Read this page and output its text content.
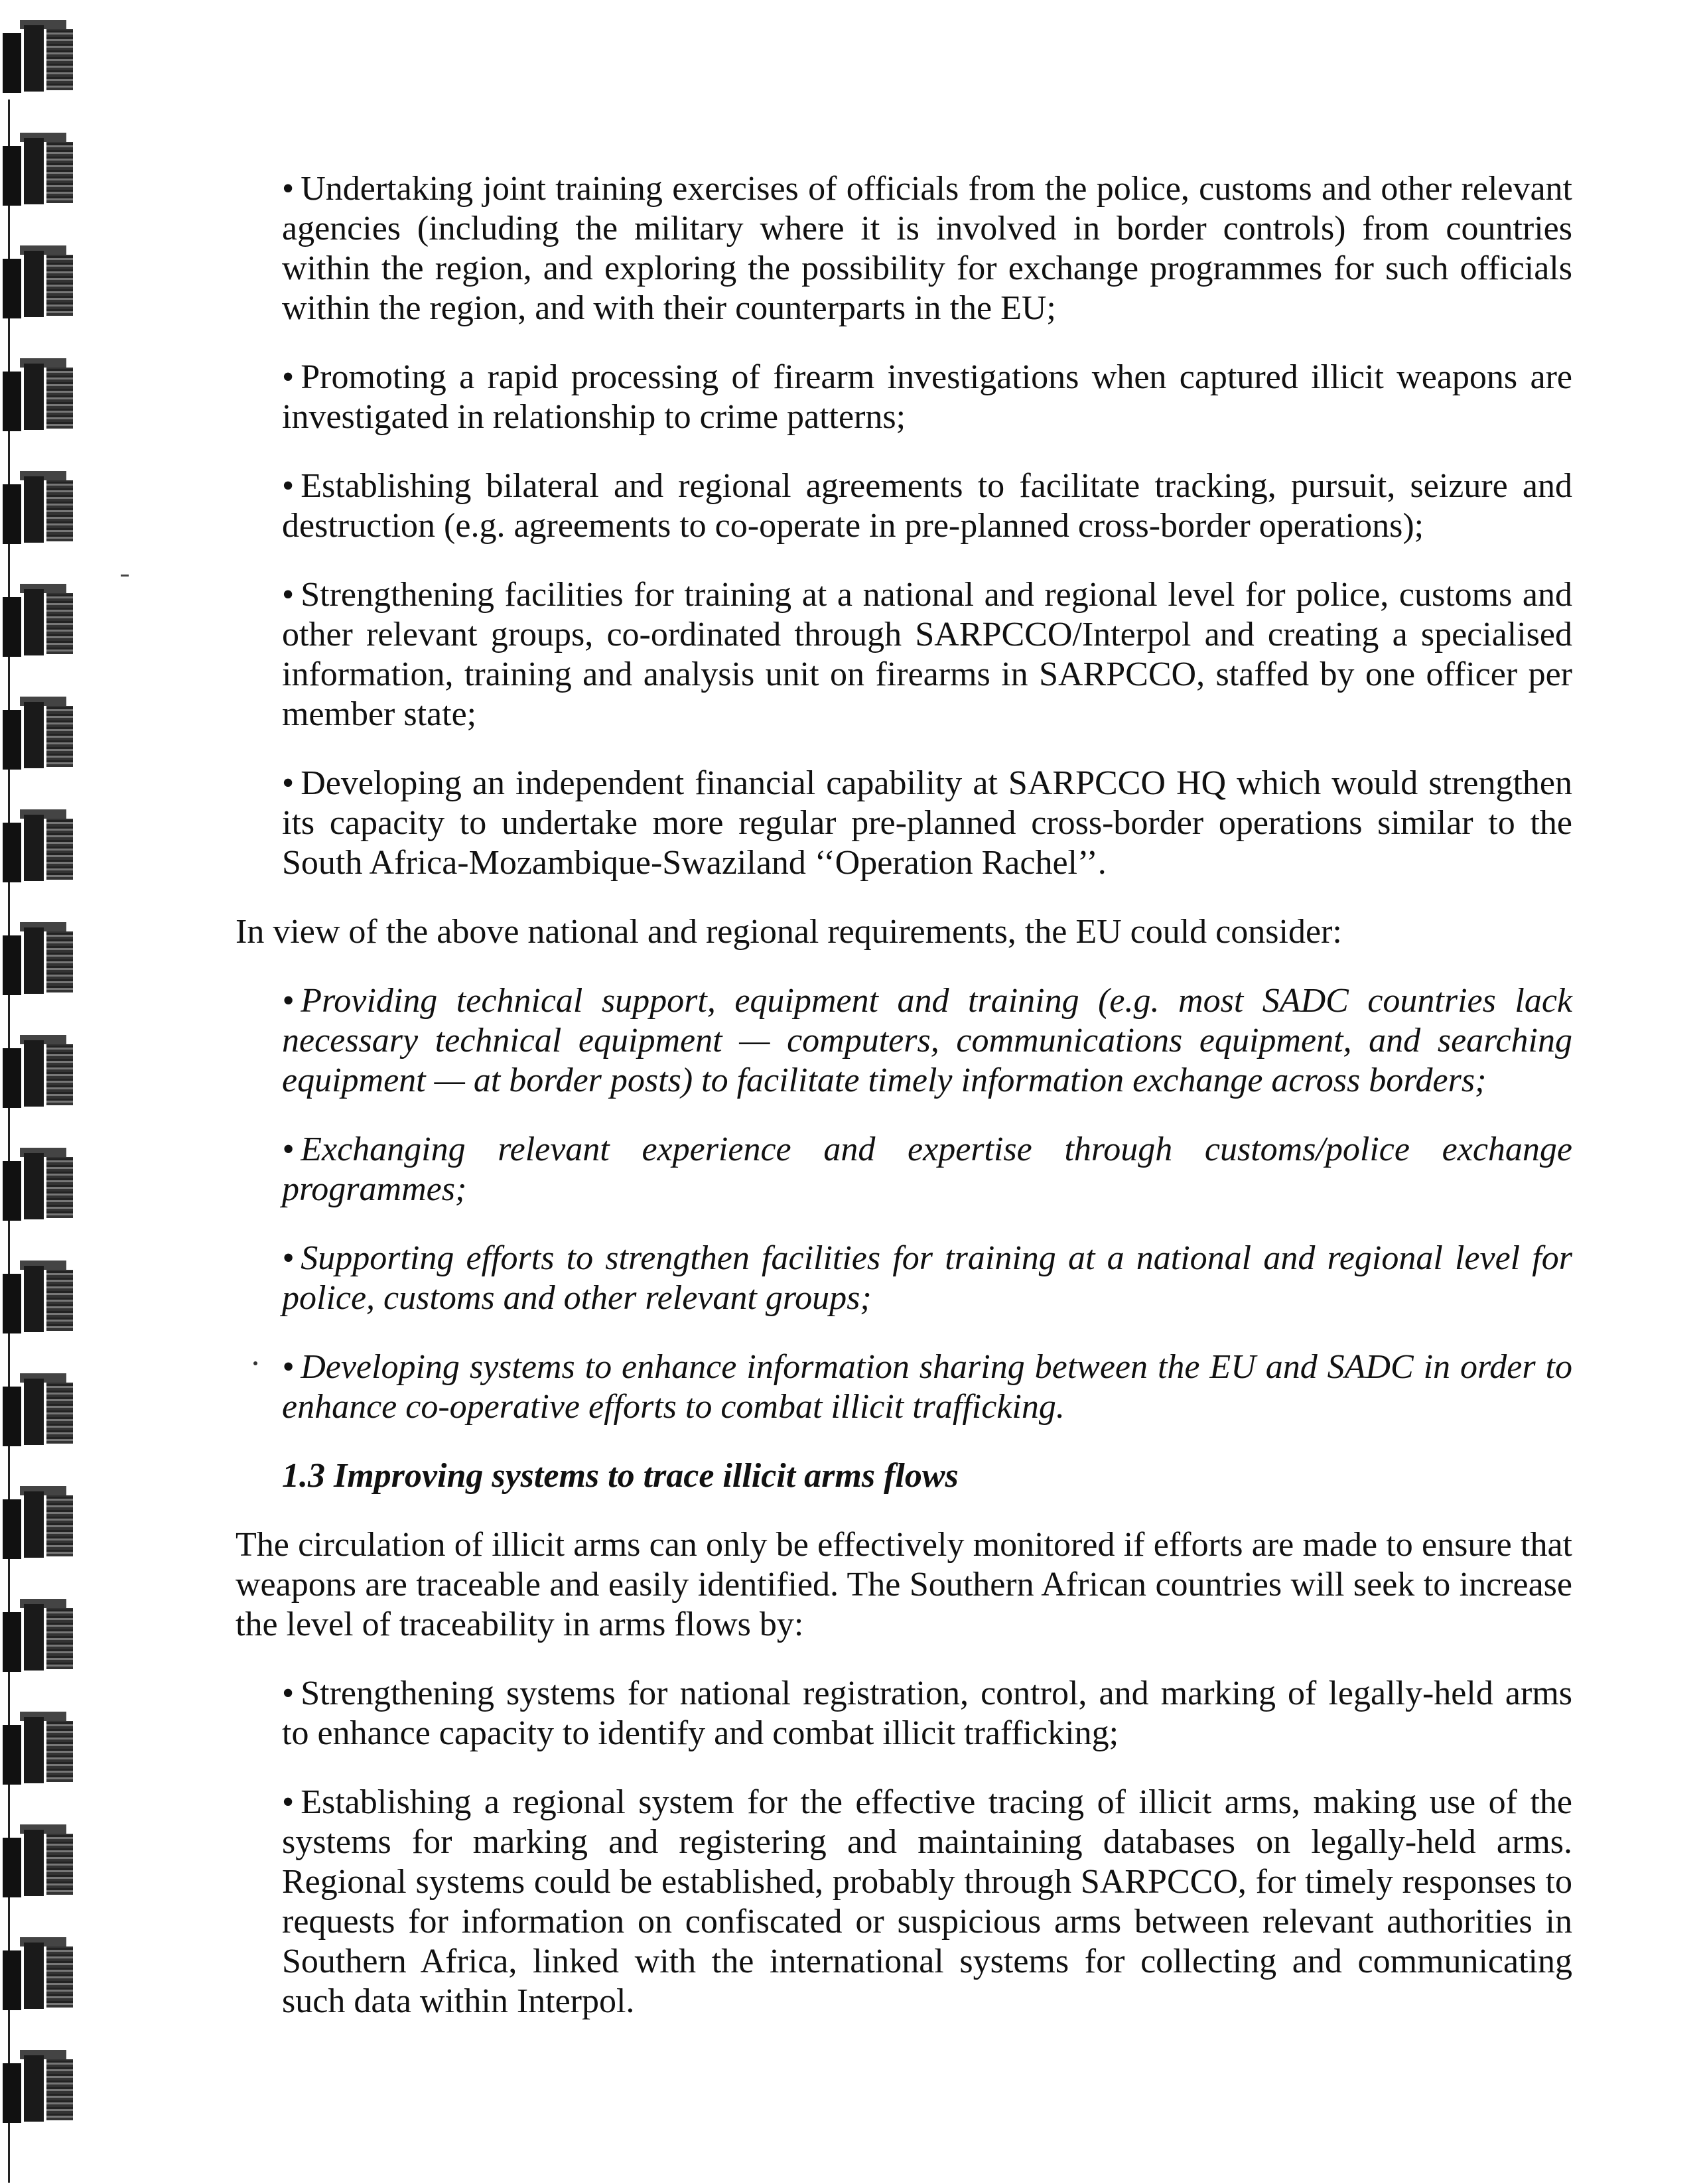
• Undertaking joint training exercises of officials from the police, customs and other relevant agencies (including the military where it is involved in border controls) from countries within the region, and exploring the possibility for exchange programmes for such officials within the region, and with their counterparts in the EU;
• Promoting a rapid processing of firearm investigations when captured illicit weapons are investigated in relationship to crime patterns;
• Establishing bilateral and regional agreements to facilitate tracking, pursuit, seizure and destruction (e.g. agreements to co-operate in pre-planned cross-border operations);
• Strengthening facilities for training at a national and regional level for police, customs and other relevant groups, co-ordinated through SARPCCO/Interpol and creating a specialised information, training and analysis unit on firearms in SARPCCO, staffed by one officer per member state;
• Developing an independent financial capability at SARPCCO HQ which would strengthen its capacity to undertake more regular pre-planned cross-border operations similar to the South Africa-Mozambique-Swaziland ‘‘Operation Rachel’’.
In view of the above national and regional requirements, the EU could consider:
• Providing technical support, equipment and training (e.g. most SADC countries lack necessary technical equipment — computers, communications equipment, and searching equipment — at border posts) to facilitate timely information exchange across borders;
• Exchanging relevant experience and expertise through customs/police exchange programmes;
• Supporting efforts to strengthen facilities for training at a national and regional level for police, customs and other relevant groups;
• Developing systems to enhance information sharing between the EU and SADC in order to enhance co-operative efforts to combat illicit trafficking.
1.3 Improving systems to trace illicit arms flows
The circulation of illicit arms can only be effectively monitored if efforts are made to ensure that weapons are traceable and easily identified. The Southern African countries will seek to increase the level of traceability in arms flows by:
• Strengthening systems for national registration, control, and marking of legally-held arms to enhance capacity to identify and combat illicit trafficking;
• Establishing a regional system for the effective tracing of illicit arms, making use of the systems for marking and registering and maintaining databases on legally-held arms. Regional systems could be established, probably through SARPCCO, for timely responses to requests for information on confiscated or suspicious arms between relevant authorities in Southern Africa, linked with the international systems for collecting and communicating such data within Interpol.
